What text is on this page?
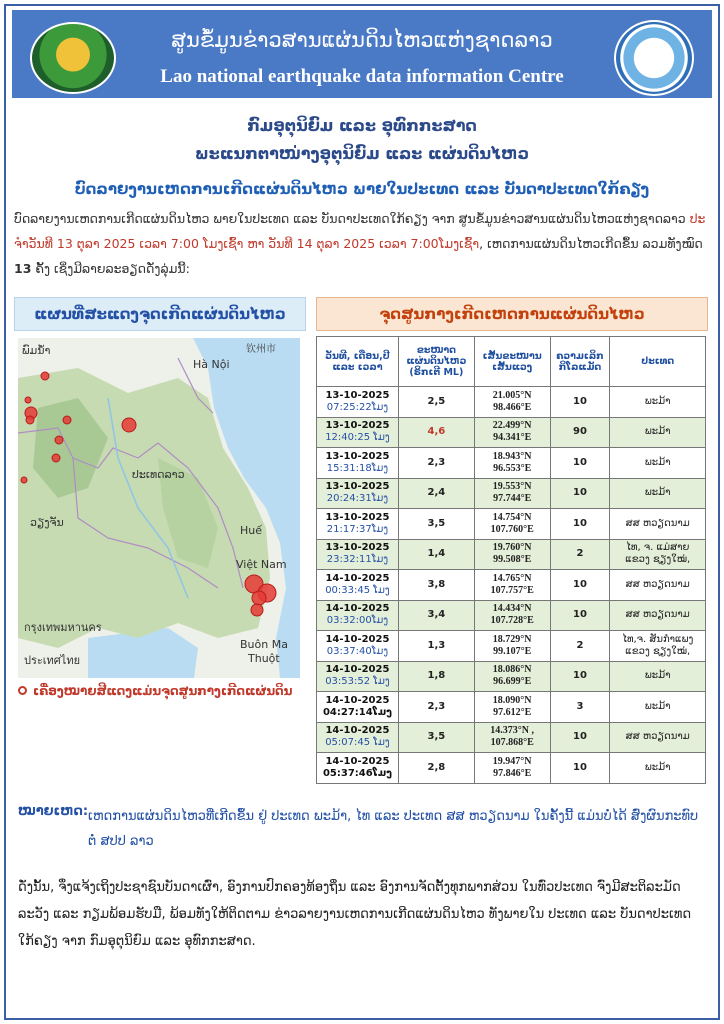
ສູນຂໍ້ມູນຂ່າວສານແຜ່ນດິນໄຫວແຫ່ງຊາດລາວ
Lao national earthquake data information Centre
ກົມອຸຕຸນິຍົມ ແລະ ອຸທົກກະສາດ
ພະແນກຕາໜ່າງອຸຕຸນິຍົມ ແລະ ແຜ່ນດິນໄຫວ
ບົດລາຍງານເຫດການເກີດແຜ່ນດິນໄຫວ ພາຍໃນປະເທດ ແລະ ບັນດາປະເທດໃກ້ຄຽງ
ບົດລາຍງານເຫດການເກີດແຜ່ນດິນໄຫວ ພາຍໃນປະເທດ ແລະ ບັນດາປະເທດໃກ້ຄຽງ ຈາກ ສູນຂໍ້ມູນຂ່າວສານແຜ່ນດິນໄຫວແຫ່ງຊາດລາວ ປະຈໍາວັນທີ 13 ຕຸລາ 2025 ເວລາ 7:00 ໂມງເຊົ້າ ຫາ ວັນທີ 14 ຕຸລາ 2025 ເວລາ 7:00ໂມງເຊົ້າ, ເຫດການແຜ່ນດິນໄຫວເກີດຂຶ້ນ ລວມທັງໝົດ 13 ຄັ້ງ ເຊິ່ງມີລາຍລະອຽດດັ່ງລຸ່ມນີ້:
ແຜນທີ່ສະແດງຈຸດເກີດແຜ່ນດິນໄຫວ
ພົມນ້ຳ
Hà Nội
钦州市
ປະເທດລາວ
ວຽງຈັນ
Huế
Việt Nam
กรุงเทพมหานคร
Buôn Ma
Thuột
ประเทศไทย
ເຄື່ອງໝາຍສີແດງແມ່ນຈຸດສູນກາງເກີດແຜ່ນດິນ
ຈຸດສູນກາງເກີດເຫດການແຜ່ນດິນໄຫວ
ວັນທີ, ເດືອນ,ປີ ແລະ ເວລາ	ຂະໜາດ ແຜ່ນດິນໄຫວ (ຣິກເຕີ ML)	ເສັ້ນຂະໜານ ເສັ້ນແວງ	ຄວາມເລິກ ກິໂລແມັດ	ປະເທດ

13-10-2025
07:25:22ໂມງ	2,5	21.005°N
98.466°E	10	ພະມ້າ

13-10-2025
12:40:25 ໂມງ	4,6	22.499°N
94.341°E	90	ພະມ້າ

13-10-2025
15:31:18ໂມງ	2,3	18.943°N
96.553°E	10	ພະມ້າ

13-10-2025
20:24:31ໂມງ	2,4	19.553°N
97.744°E	10	ພະມ້າ

13-10-2025
21:17:37ໂມງ	3,5	14.754°N
107.760°E	10	ສສ ຫວຽດນາມ

13-10-2025
23:32:11ໂມງ	1,4	19.760°N
99.508°E	2	ໄທ, ຈ. ແມ່ສາຍ ແຂວງ ຊຽງໃໝ່,

14-10-2025
00:33:45 ໂມງ	3,8	14.765°N
107.757°E	10	ສສ ຫວຽດນາມ

14-10-2025
03:32:00ໂມງ	3,4	14.434°N
107.728°E	10	ສສ ຫວຽດນາມ

14-10-2025
03:37:40ໂມງ	1,3	18.729°N
99.107°E	2	ໄທ,ຈ. ສັນກຳແພງ ແຂວງ ຊຽງໃໝ່,

14-10-2025
03:53:52 ໂມງ	1,8	18.086°N
96.699°E	10	ພະມ້າ

14-10-2025
04:27:14ໂມງ	2,3	18.090°N
97.612°E	3	ພະມ້າ

14-10-2025
05:07:45 ໂມງ	3,5	14.373°N ,
107.868°E	10	ສສ ຫວຽດນາມ

14-10-2025
05:37:46ໂມງ	2,8	19.947°N
97.846°E	10	ພະມ້າ
ໝາຍເຫດ: ເຫດການແຜ່ນດິນໄຫວທີ່ເກີດຂຶ້ນ ຢູ່ ປະເທດ ພະມ້າ, ໄທ ແລະ ປະເທດ ສສ ຫວຽດນາມ ໃນຄັ້ງນີ້ ແມ່ນບໍ່ໄດ້ ສົ່ງຜົນກະທົບ ຕໍ່ ສປປ ລາວ
ດັ່ງນັ້ນ, ຈຶ່ງແຈ້ງເຖິງປະຊາຊົນບັນດາເຜົ່າ, ອົງການປົກຄອງທ້ອງຖິ່ນ ແລະ ອົງການຈັດຕັ້ງທຸກພາກສ່ວນ ໃນທົ່ວປະເທດ ຈົ່ງມີສະຕິລະມັດລະວັງ ແລະ ກຽມພ້ອມຮັບມື, ພ້ອມທັງໃຫ້ຕິດຕາມ ຂ່າວລາຍງານເຫດການເກີດແຜ່ນດິນໄຫວ ທັງພາຍໃນ ປະເທດ ແລະ ບັນດາປະເທດໃກ້ຄຽງ ຈາກ ກົມອຸຕຸນິຍົມ ແລະ ອຸທົກກະສາດ.
